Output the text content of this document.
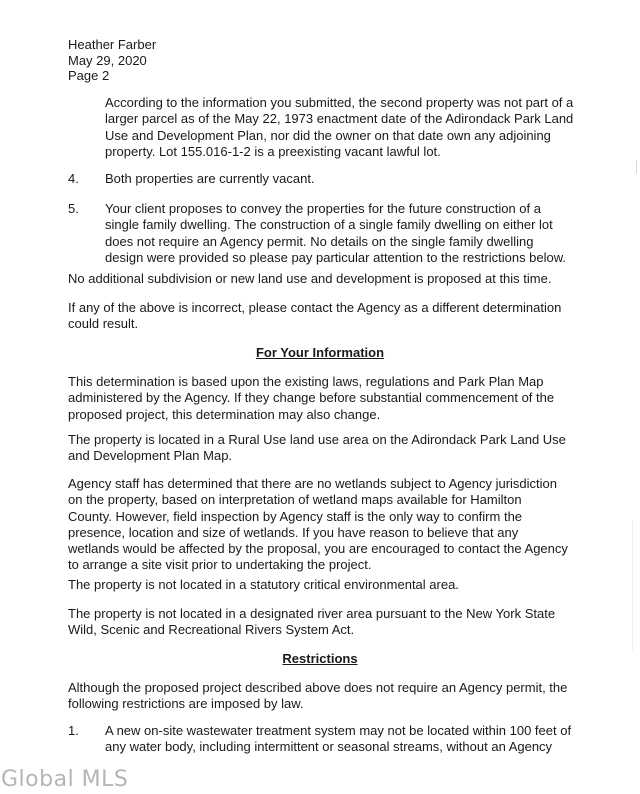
Heather Farber
May 29, 2020
Page 2
According to the information you submitted, the second property was not part of a larger parcel as of the May 22, 1973 enactment date of the Adirondack Park Land Use and Development Plan, nor did the owner on that date own any adjoining property. Lot 155.016-1-2 is a preexisting vacant lawful lot.
4. Both properties are currently vacant.
5. Your client proposes to convey the properties for the future construction of a single family dwelling. The construction of a single family dwelling on either lot does not require an Agency permit. No details on the single family dwelling design were provided so please pay particular attention to the restrictions below.
No additional subdivision or new land use and development is proposed at this time.
If any of the above is incorrect, please contact the Agency as a different determination could result.
For Your Information
This determination is based upon the existing laws, regulations and Park Plan Map administered by the Agency. If they change before substantial commencement of the proposed project, this determination may also change.
The property is located in a Rural Use land use area on the Adirondack Park Land Use and Development Plan Map.
Agency staff has determined that there are no wetlands subject to Agency jurisdiction on the property, based on interpretation of wetland maps available for Hamilton County. However, field inspection by Agency staff is the only way to confirm the presence, location and size of wetlands. If you have reason to believe that any wetlands would be affected by the proposal, you are encouraged to contact the Agency to arrange a site visit prior to undertaking the project.
The property is not located in a statutory critical environmental area.
The property is not located in a designated river area pursuant to the New York State Wild, Scenic and Recreational Rivers System Act.
Restrictions
Although the proposed project described above does not require an Agency permit, the following restrictions are imposed by law.
1. A new on-site wastewater treatment system may not be located within 100 feet of any water body, including intermittent or seasonal streams, without an Agency
Global MLS
